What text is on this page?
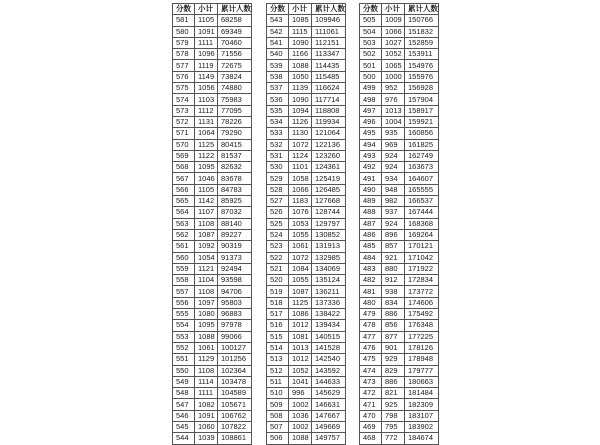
分数	小计	累计人数
581	1105	68258
580	1091	69349
579	1111	70460
578	1096	71556
577	1119	72675
576	1149	73824
575	1056	74880
574	1103	75983
573	1112	77095
572	1131	78226
571	1064	79290
570	1125	80415
569	1122	81537
568	1095	82632
567	1046	83678
566	1105	84783
565	1142	85925
564	1107	87032
563	1108	88140
562	1087	89227
561	1092	90319
560	1054	91373
559	1121	92494
558	1104	93598
557	1108	94706
556	1097	95803
555	1080	96883
554	1095	97978
553	1088	99066
552	1061	100127
551	1129	101256
550	1108	102364
549	1114	103478
548	1111	104589
547	1082	105671
546	1091	106762
545	1060	107822
544	1039	108861
分数	小计	累计人数
543	1085	109946
542	1115	111061
541	1090	112151
540	1166	113347
539	1088	114435
538	1050	115485
537	1139	116624
536	1090	117714
535	1094	118808
534	1126	119934
533	1130	121064
532	1072	122136
531	1124	123260
530	1101	124361
529	1058	125419
528	1066	126485
527	1183	127668
526	1076	128744
525	1053	129797
524	1055	130852
523	1061	131913
522	1072	132985
521	1084	134069
520	1055	135124
519	1087	136211
518	1125	137336
517	1086	138422
516	1012	139434
515	1081	140515
514	1013	141528
513	1012	142540
512	1052	143592
511	1041	144633
510	996	145629
509	1002	146631
508	1036	147667
507	1002	149669
506	1088	149757
分数	小计	累计人数
505	1009	150766
504	1066	151832
503	1027	152859
502	1052	153911
501	1065	154976
500	1000	155976
499	952	156928
498	976	157904
497	1013	158917
496	1004	159921
495	935	160856
494	969	161825
493	924	162749
492	924	163673
491	934	164607
490	948	165555
489	982	166537
488	937	167444
487	924	168368
486	896	169264
485	857	170121
484	921	171042
483	880	171922
482	912	172834
481	938	173772
480	834	174606
479	886	175492
478	856	176348
477	877	177225
476	901	178126
475	929	178948
474	829	179777
473	886	180663
472	821	181484
471	925	182309
470	798	183107
469	795	183902
468	772	184674
